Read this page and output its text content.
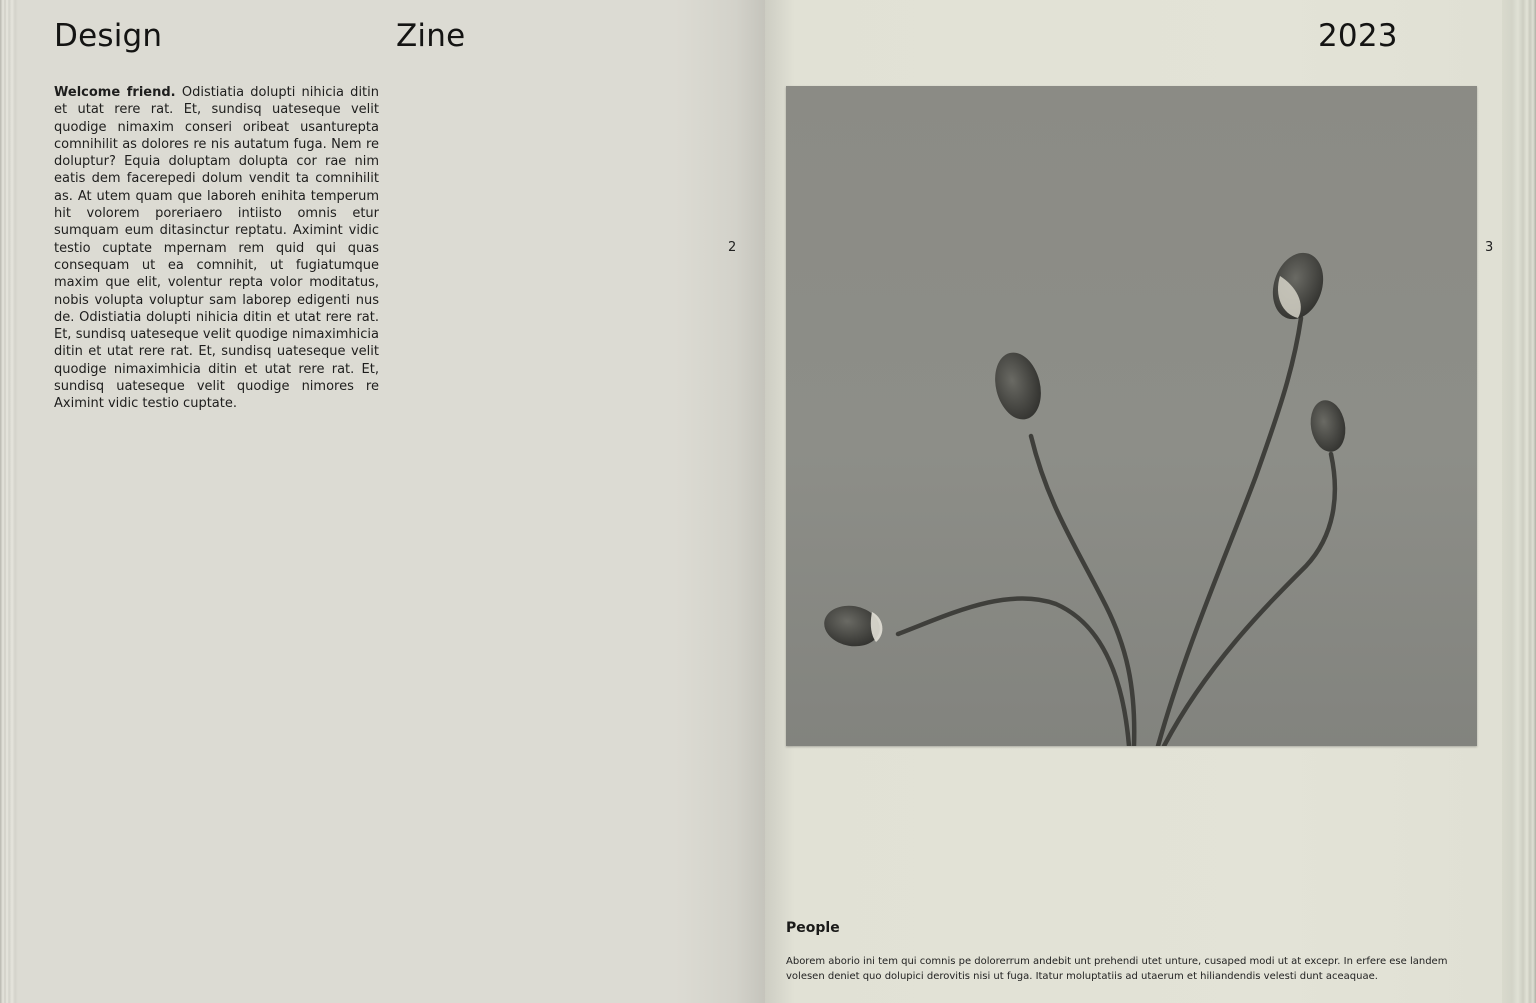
Design	Zine
Welcome friend. Odistiatia dolupti nihicia ditin et utat rere rat. Et, sundisq uateseque velit quodige nimaxim conseri oribeat usanturepta comnihilit as dolores re nis autatum fuga. Nem re doluptur? Equia doluptam dolupta cor rae nim eatis dem facerepedi dolum vendit ta comnihilit as. At utem quam que laboreh enihita temperum hit volorem poreriaero intiisto omnis etur sumquam eum ditasinctur reptatu. Aximint vidic testio cuptate mpernam rem quid qui quas consequam ut ea comnihit, ut fugiatumque maxim que elit, volentur repta volor moditatus, nobis volupta voluptur sam laborep edigenti nus de. Odistiatia dolupti nihicia ditin et utat rere rat. Et, sundisq uateseque velit quodige nimaximhicia ditin et utat rere rat. Et, sundisq uateseque velit quodige nimaximhicia ditin et utat rere rat. Et, sundisq uateseque velit quodige nimores re Aximint vidic testio cuptate.
2
2023
3
People

Aborem aborio ini tem qui comnis pe dolorerrum andebit unt prehendi utet unture, cusaped modi ut at excepr. In erfere ese landem volesen deniet quo dolupici derovitis nisi ut fuga. Itatur moluptatiis ad utaerum et hiliandendis velesti dunt aceaquae.
